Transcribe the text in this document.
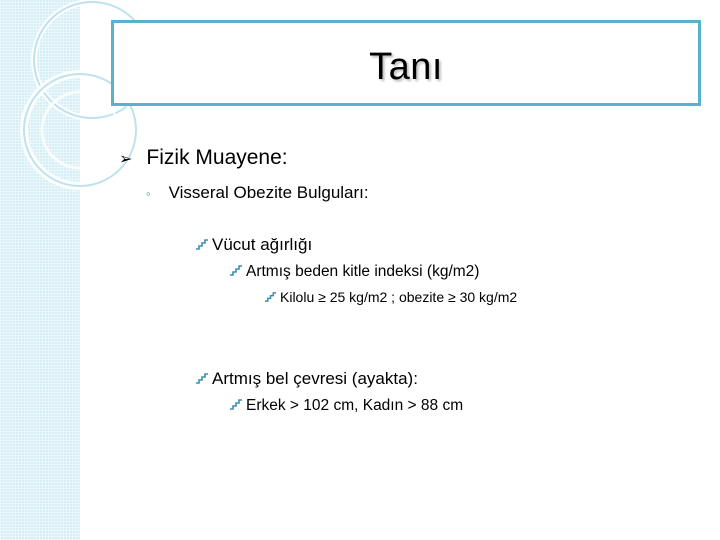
Tanı
➢ Fizik Muayene:
◦ Visseral Obezite Bulguları:
Vücut ağırlığı
Artmış beden kitle indeksi (kg/m2)
Kilolu ≥ 25 kg/m2 ; obezite ≥ 30 kg/m2
Artmış bel çevresi (ayakta):
Erkek > 102 cm, Kadın > 88 cm
